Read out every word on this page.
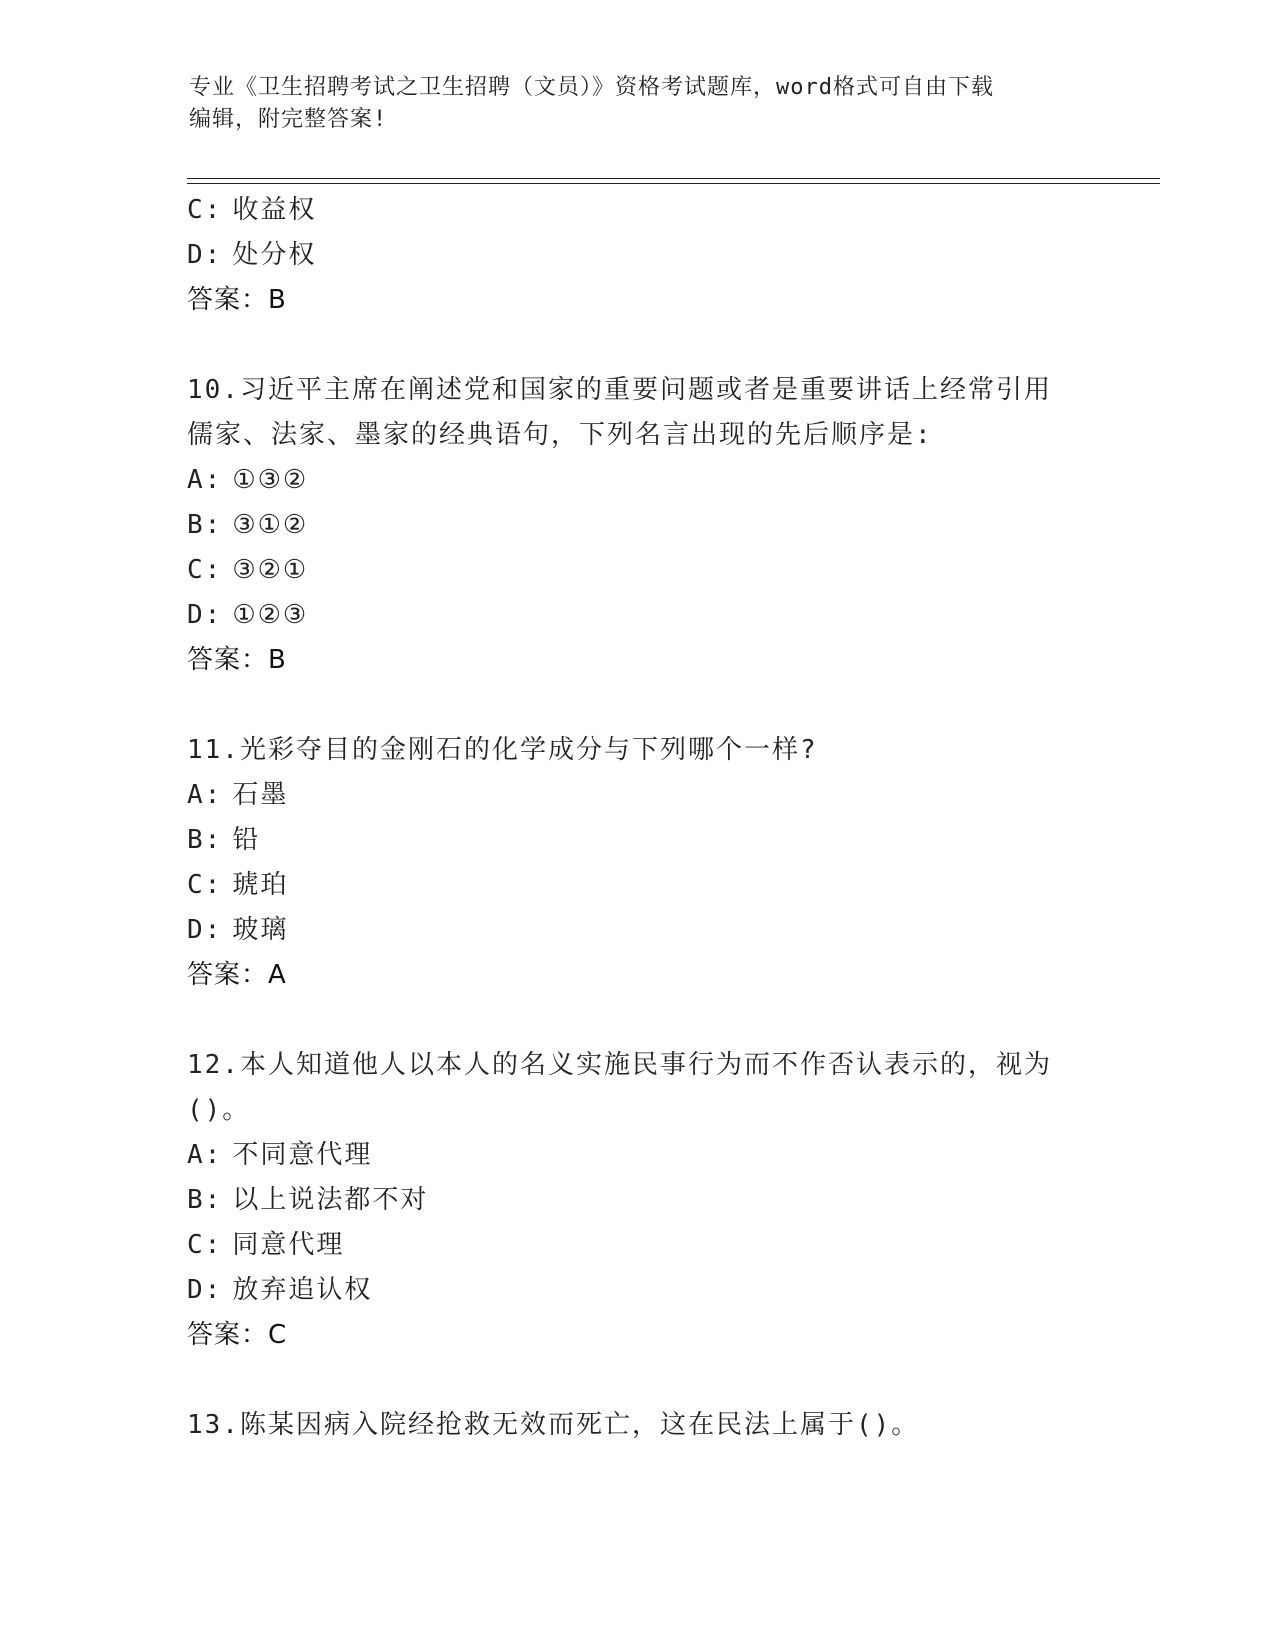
专业《卫生招聘考试之卫生招聘（文员）》资格考试题库，word格式可自由下载
编辑，附完整答案!
C: 收益权
D: 处分权
答案：B
10.习近平主席在阐述党和国家的重要问题或者是重要讲话上经常引用
儒家、法家、墨家的经典语句，下列名言出现的先后顺序是:
A: ①③②
B: ③①②
C: ③②①
D: ①②③
答案：B
11.光彩夺目的金刚石的化学成分与下列哪个一样?
A: 石墨
B: 铅
C: 琥珀
D: 玻璃
答案：A
12.本人知道他人以本人的名义实施民事行为而不作否认表示的，视为
()。
A: 不同意代理
B: 以上说法都不对
C: 同意代理
D: 放弃追认权
答案：C
13.陈某因病入院经抢救无效而死亡，这在民法上属于()。
